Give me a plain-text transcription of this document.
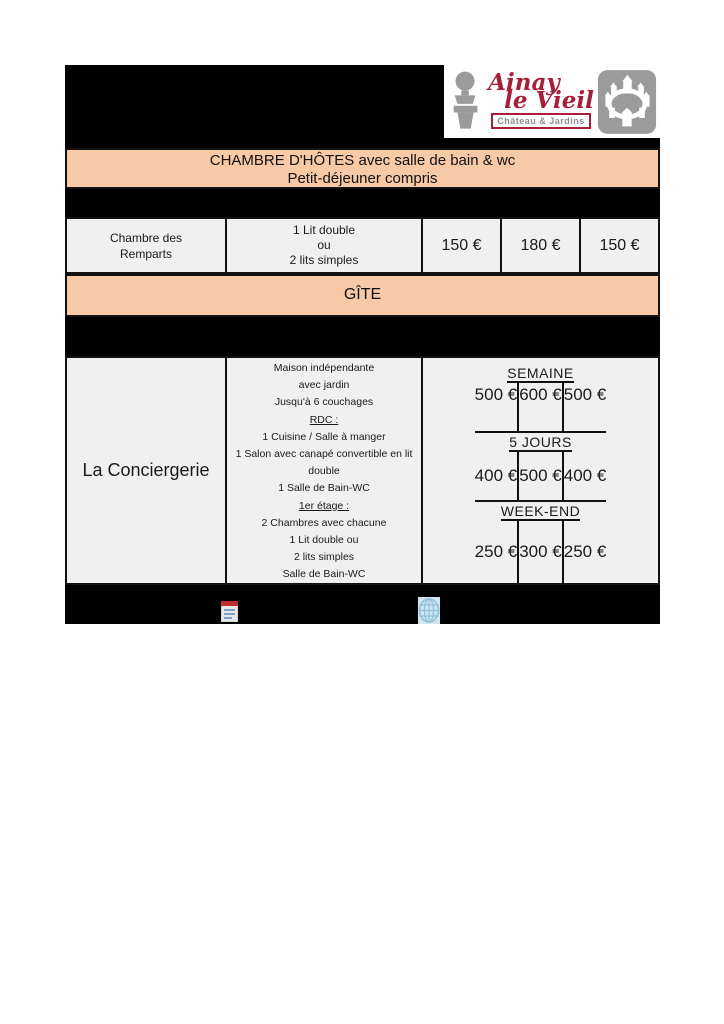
Ainay
le Vieil
Château & Jardins
CHAMBRE D'HÔTES avec salle de bain & wc
Petit-déjeuner compris
Chambre des
Remparts
1 Lit double
ou
2 lits simples
150 € 180 € 150 €
GÎTE
La Conciergerie
Maison indépendante
avec jardin
Jusqu'à 6 couchages
RDC :
1 Cuisine / Salle à manger
1 Salon avec canapé convertible en lit double
1 Salle de Bain-WC
1er étage :
2 Chambres avec chacune
1 Lit double ou
2 lits simples
Salle de Bain-WC
SEMAINE
500 € 600 € 500 €
5 JOURS
400 € 500 € 400 €
WEEK-END
250 € 300 € 250 €
